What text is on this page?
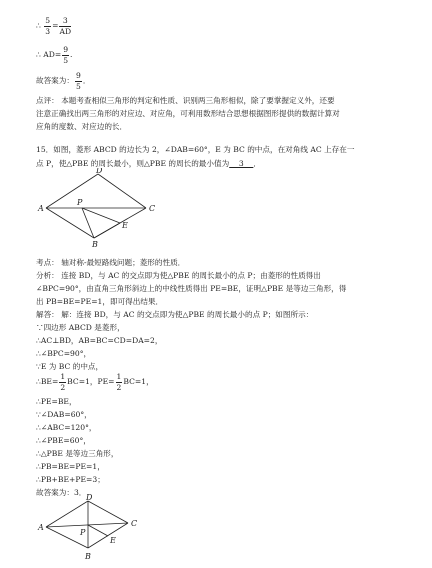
∴ $\frac{5}{3} = \frac{3}{AD}$
∴ $AD= \frac{9}{5}$ .
故答案为： $\frac{9}{5}$ ．
点评： 本题考查相似三角形的判定和性质、识别两三角形相似，除了要掌握定义外，还要
注意正确找出两三角形的对应边、对应角，可利用数形结合思想根据图形提供的数据计算对
应角的度数、对应边的长．
15．如图，菱形 ABCD 的边长为 2，∠DAB=60°，E 为 BC 的中点，在对角线 AC 上存在一
点 P，使△PBE 的周长最小，则△PBE 的周长的最小值为    3    ．
D
A
P
C
E
B
考点： 轴对称-最短路线问题；菱形的性质．
分析： 连接 BD，与 AC 的交点即为使△PBE 的周长最小的点 P；由菱形的性质得出
∠BPC=90°，由直角三角形斜边上的中线性质得出 PE=BE，证明△PBE 是等边三角形，得
出 PB=BE=PE=1，即可得出结果．
解答： 解：连接 BD，与 AC 的交点即为使△PBE 的周长最小的点 P；如图所示：
∵四边形 ABCD 是菱形，
∴AC⊥BD，AB=BC=CD=DA=2，
∴∠BPC=90°，
∵E 为 BC 的中点，
∴BE= $\frac{1}{2} BC=1$，$PE= \frac{1}{2} BC=1$，
∴PE=BE，
∵∠DAB=60°，
∴∠ABC=120°，
∴∠PBE=60°，
∴△PBE 是等边三角形，
∴PB=BE=PE=1，
∴PB+BE+PE=3；
故答案为：3．
D
A
P
C
E
B
